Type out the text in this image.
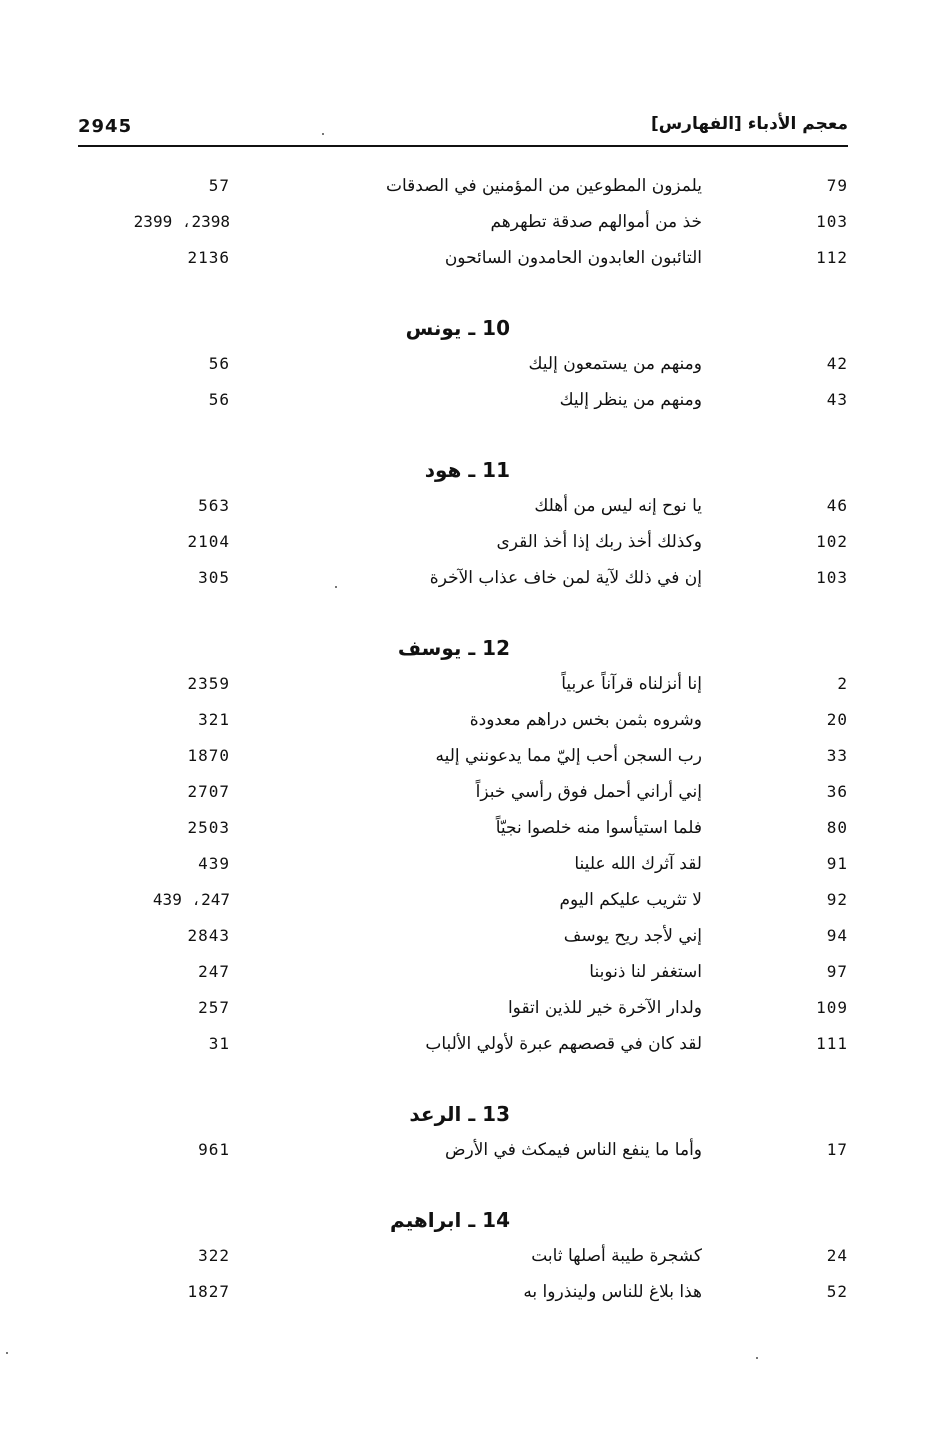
2945	معجم الأدباء [الفهارس]
79
يلمزون المطوعين من المؤمنين في الصدقات
57
103
خذ من أموالهم صدقة تطهرهم
2398، 2399
112
التائبون العابدون الحامدون السائحون
2136
10 ـ يونس
42
ومنهم من يستمعون إليك
56
43
ومنهم من ينظر إليك
56
11 ـ هود
46
يا نوح إنه ليس من أهلك
563
102
وكذلك أخذ ربك إذا أخذ القرى
2104
103
إن في ذلك لآية لمن خاف عذاب الآخرة
305
12 ـ يوسف
2
إنا أنزلناه قرآناً عربياً
2359
20
وشروه بثمن بخس دراهم معدودة
321
33
رب السجن أحب إليّ مما يدعونني إليه
1870
36
إني أراني أحمل فوق رأسي خبزاً
2707
80
فلما استيأسوا منه خلصوا نجيّاً
2503
91
لقد آثرك الله علينا
439
92
لا تثريب عليكم اليوم
247، 439
94
إني لأجد ريح يوسف
2843
97
استغفر لنا ذنوبنا
247
109
ولدار الآخرة خير للذين اتقوا
257
111
لقد كان في قصصهم عبرة لأولي الألباب
31
13 ـ الرعد
17
وأما ما ينفع الناس فيمكث في الأرض
961
14 ـ ابراهيم
24
كشجرة طيبة أصلها ثابت
322
52
هذا بلاغ للناس ولينذروا به
1827
